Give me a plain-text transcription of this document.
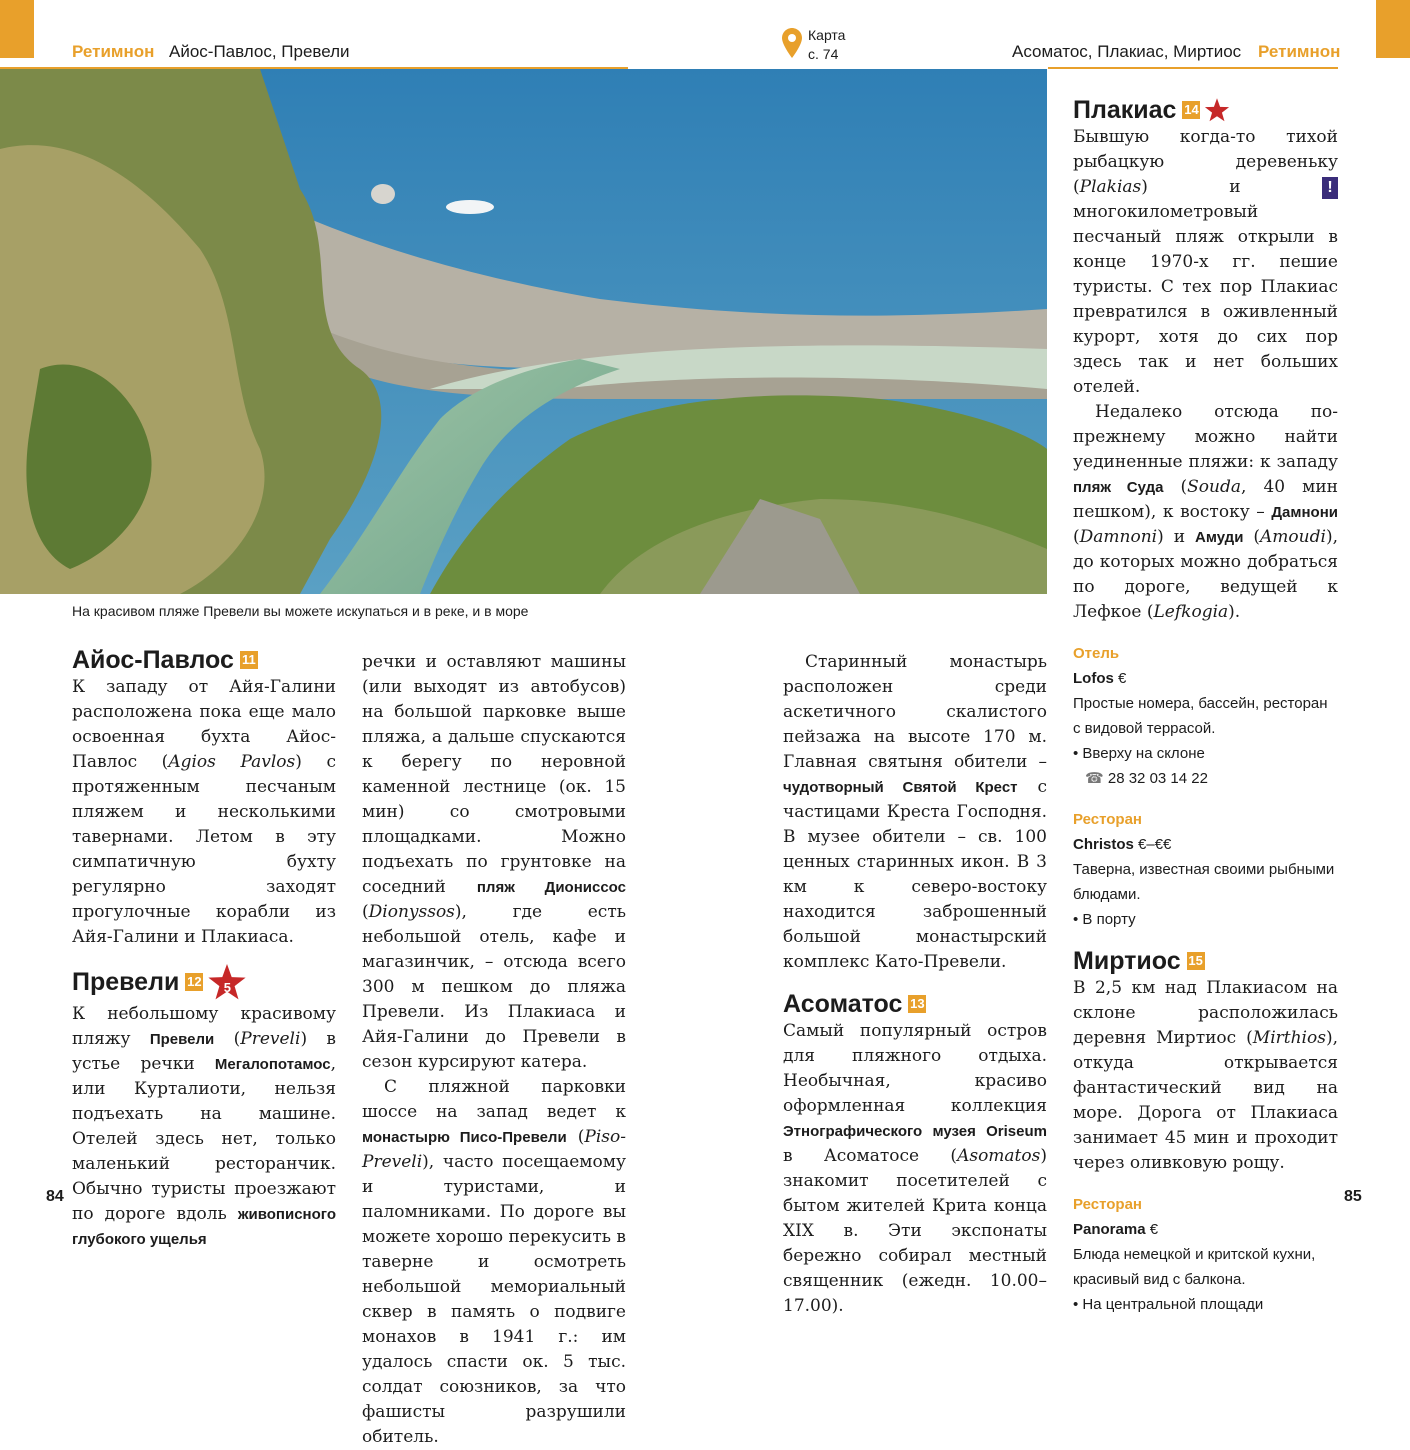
Ретимнон Айос-Павлос, Превели
Карта
с. 74	Асоматос, Плакиас, Миртиос Ретимнон
На красивом пляже Превели вы можете искупаться и в реке, и в море
Айос-Павлос 11

К западу от Айя-Галини расположена пока еще мало освоенная бухта Айос-Павлос (Agios Pavlos) с протяженным песчаным пляжем и несколькими тавернами. Летом в эту симпатичную бухту регулярно заходят прогулочные корабли из Айя-Галини и Плакиаса.

Превели 12	5

К небольшому красивому пляжу Превели (Preveli) в устье речки Мегалопотамос, или Курталиоти, нельзя подъехать на машине. Отелей здесь нет, только маленький ресторанчик. Обычно туристы проезжают по дороге вдоль живописного глубокого ущелья

речки и оставляют машины (или выходят из автобусов) на большой парковке выше пляжа, а дальше спускаются к берегу по неровной каменной лестнице (ок. 15 мин) со смотровыми площадками. Можно подъехать по грунтовке на соседний пляж Диониссос (Dionyssos), где есть небольшой отель, кафе и магазинчик, – отсюда всего 300 м пешком до пляжа Превели. Из Плакиаса и Айя-Галини до Превели в сезон курсируют катера.

С пляжной парковки шоссе на запад ведет к монастырю Писо-Превели (Piso-Preveli), часто посещаемому и туристами, и паломниками. По дороге вы можете хорошо перекусить в таверне и осмотреть небольшой мемориальный сквер в память о подвиге монахов в 1941 г.: им удалось спасти ок. 5 тыс. солдат союзников, за что фашисты разрушили обитель.

Старинный монастырь расположен среди аскетичного скалистого пейзажа на высоте 170 м. Главная святыня обители – чудотворный Святой Крест с частицами Креста Господня. В музее обители – св. 100 ценных старинных икон. В 3 км к северо-востоку находится заброшенный большой монастырский комплекс Като-Превели.

Асоматос 13

Самый популярный остров для пляжного отдыха. Необычная, красиво оформленная коллекция Этнографического музея Oriseum в Асоматосе (Asomatos) знакомит посетителей с бытом жителей Крита конца XIX в. Эти экспонаты бережно собирал местный священник (ежедн. 10.00–17.00).

Плакиас 14

Бывшую когда-то тихой рыбацкую деревеньку (Plakias) и ! многокилометровый песчаный пляж открыли в конце 1970-х гг. пешие туристы. С тех пор Плакиас превратился в оживленный курорт, хотя до сих пор здесь так и нет больших отелей.

Недалеко отсюда по-прежнему можно найти уединенные пляжи: к западу пляж Суда (Souda, 40 мин пешком), к востоку – Дамнони (Damnoni) и Амуди (Amoudi), до которых можно добраться по дороге, ведущей к Лефкое (Lefkogia).

Отель

Lofos €

Простые номера, бассейн, ресторан с видовой террасой.

• Вверху на склоне

☎ 28 32 03 14 22

Ресторан

Christos €–€€

Таверна, известная своими рыбными блюдами.

• В порту

Миртиос 15

В 2,5 км над Плакиасом на склоне расположилась деревня Миртиос (Mirthios), откуда открывается фантастический вид на море. Дорога от Плакиаса занимает 45 мин и проходит через оливковую рощу.

Ресторан

Panorama €

Блюда немецкой и критской кухни, красивый вид с балкона.

• На центральной площади

84	85
